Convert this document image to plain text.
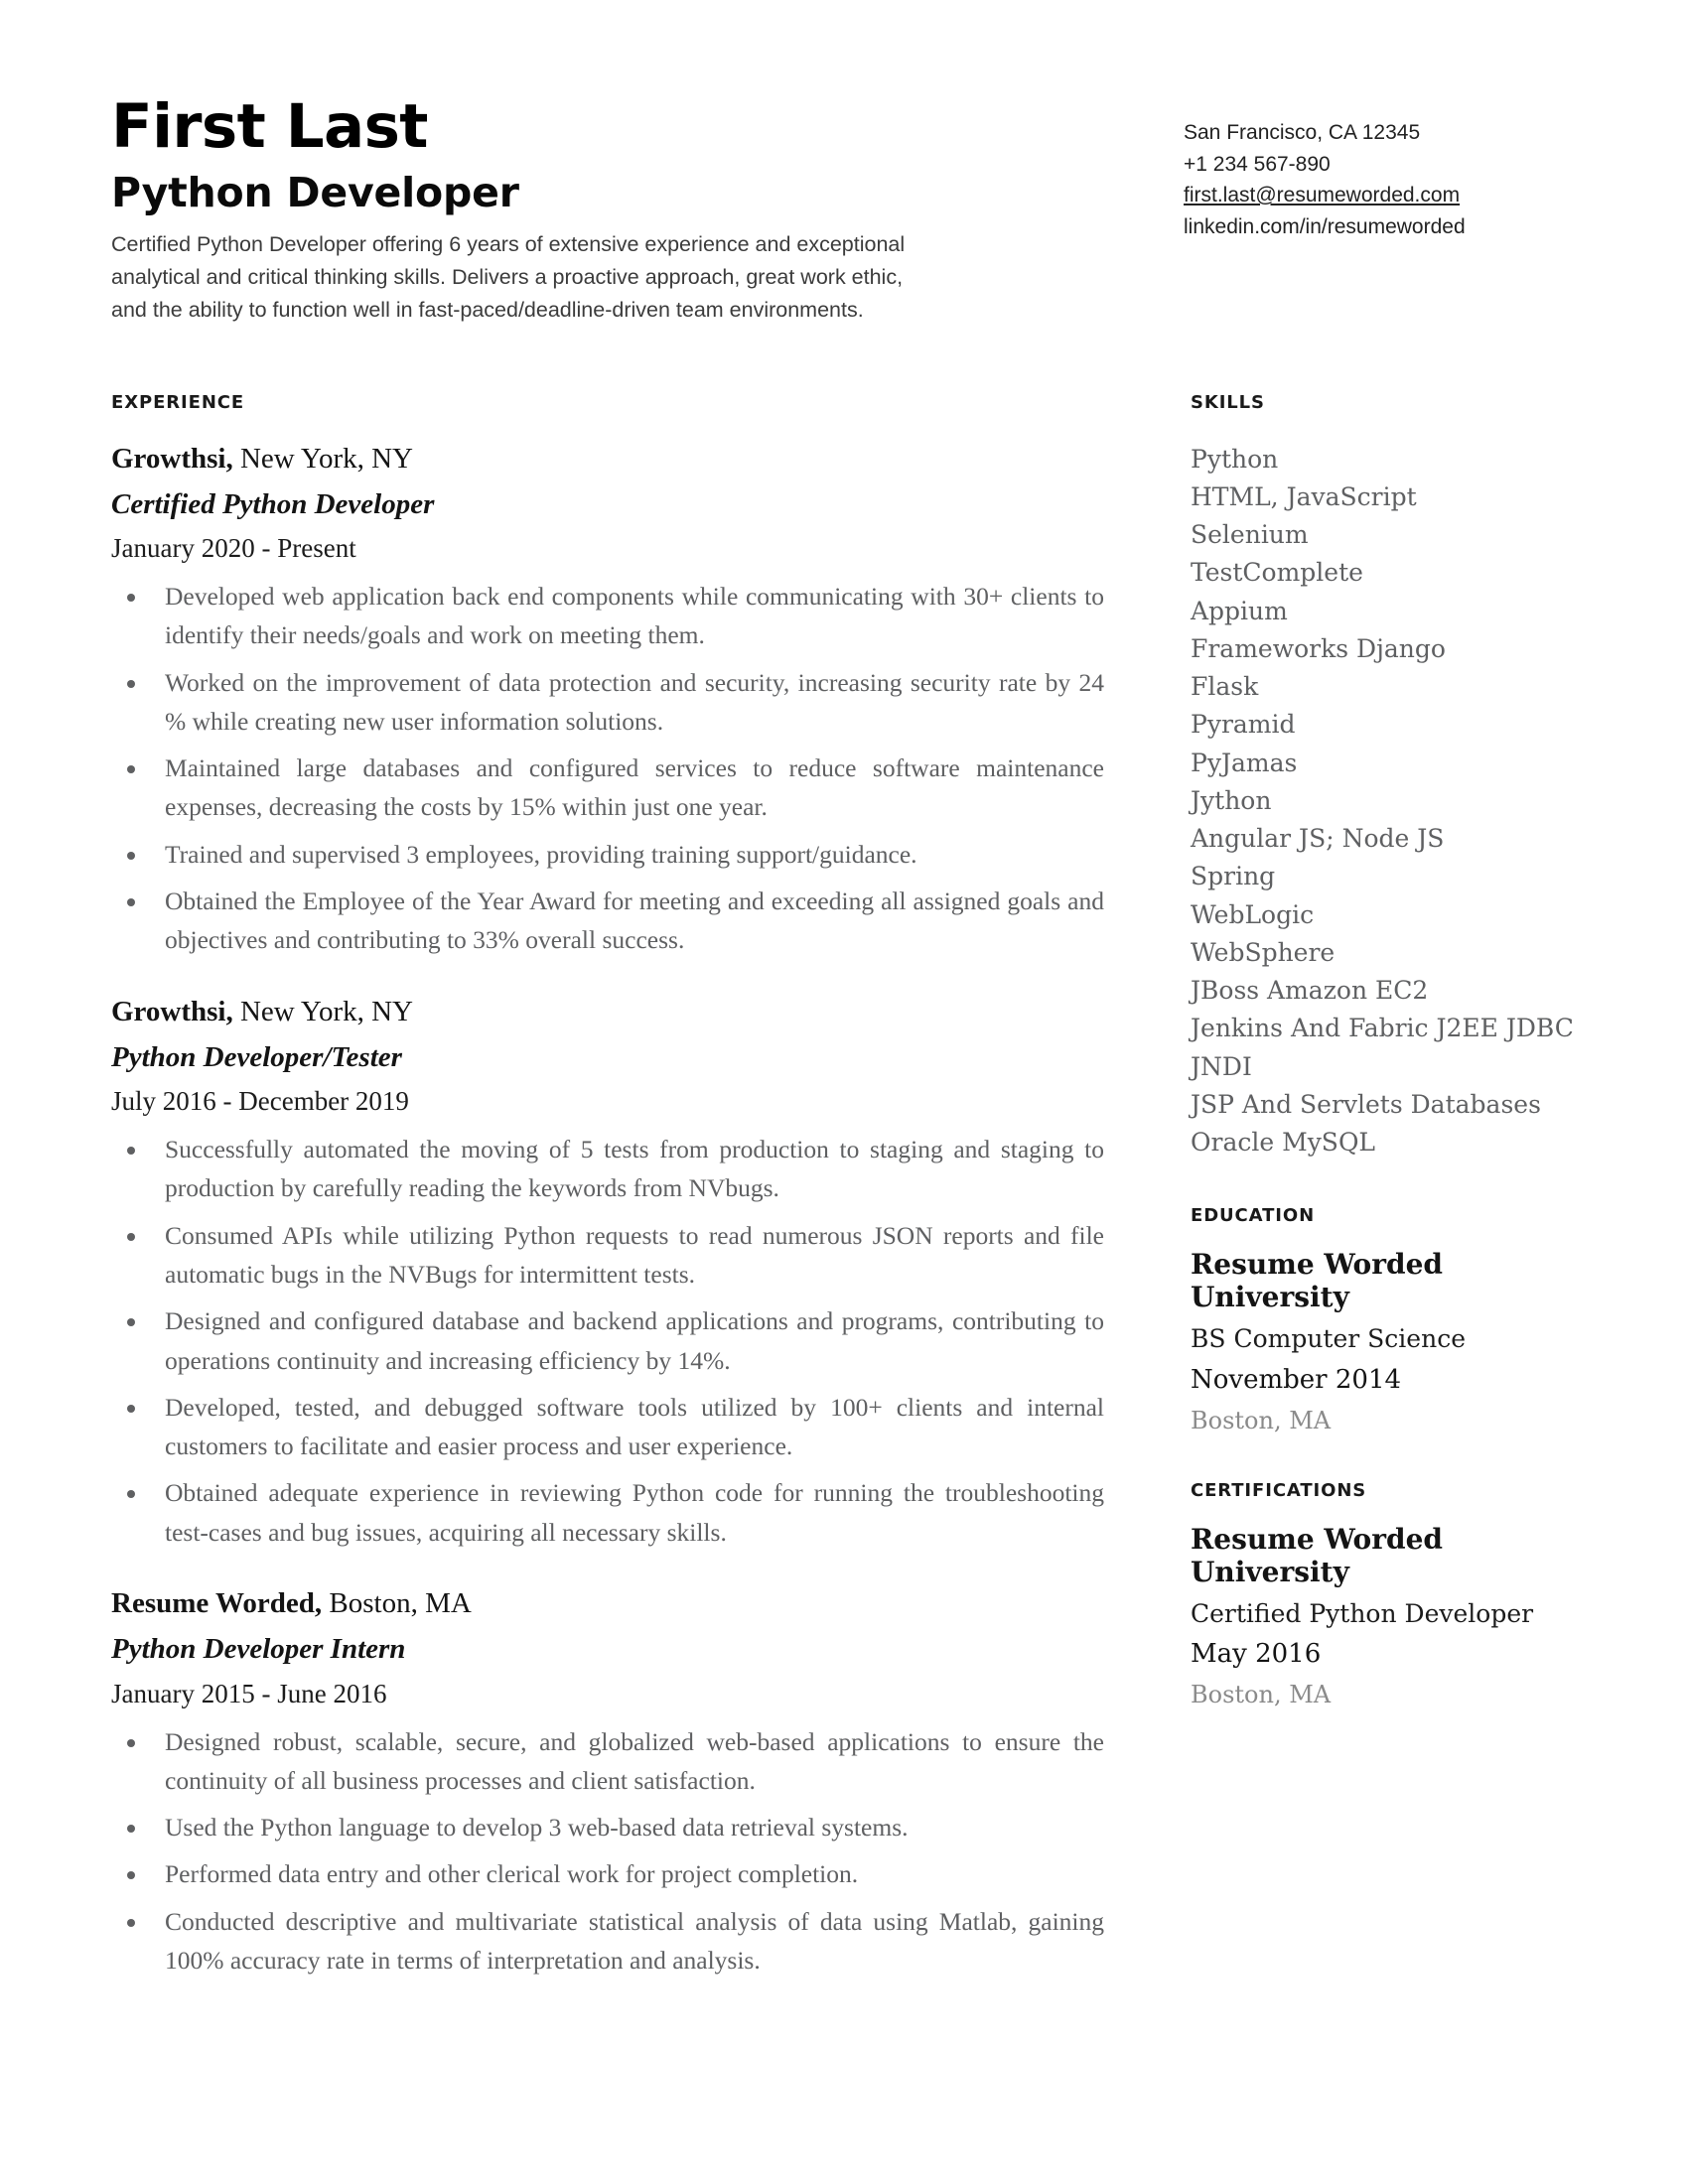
First Last
Python Developer
Certified Python Developer offering 6 years of extensive experience and exceptional
analytical and critical thinking skills. Delivers a proactive approach, great work ethic,
and the ability to function well in fast-paced/deadline-driven team environments.
San Francisco, CA 12345
+1 234 567-890
first.last@resumeworded.com
linkedin.com/in/resumeworded
EXPERIENCE
Growthsi, New York, NY
Certified Python Developer
January 2020 - Present
Developed web application back end components while communicating with 30+ clients to identify their needs/goals and work on meeting them.
Worked on the improvement of data protection and security, increasing security rate by 24 % while creating new user information solutions.
Maintained large databases and configured services to reduce software maintenance expenses, decreasing the costs by 15% within just one year.
Trained and supervised 3 employees, providing training support/guidance.
Obtained the Employee of the Year Award for meeting and exceeding all assigned goals and objectives and contributing to 33% overall success.
Growthsi, New York, NY
Python Developer/Tester
July 2016 - December 2019
Successfully automated the moving of 5 tests from production to staging and staging to production by carefully reading the keywords from NVbugs.
Consumed APIs while utilizing Python requests to read numerous JSON reports and file automatic bugs in the NVBugs for intermittent tests.
Designed and configured database and backend applications and programs, contributing to operations continuity and increasing efficiency by 14%.
Developed, tested, and debugged software tools utilized by 100+ clients and internal customers to facilitate and easier process and user experience.
Obtained adequate experience in reviewing Python code for running the troubleshooting test-cases and bug issues, acquiring all necessary skills.
Resume Worded, Boston, MA
Python Developer Intern
January 2015 - June 2016
Designed robust, scalable, secure, and globalized web-based applications to ensure the continuity of all business processes and client satisfaction.
Used the Python language to develop 3 web-based data retrieval systems.
Performed data entry and other clerical work for project completion.
Conducted descriptive and multivariate statistical analysis of data using Matlab, gaining 100% accuracy rate in terms of interpretation and analysis.
SKILLS
Python
HTML, JavaScript
Selenium
TestComplete
Appium
Frameworks Django
Flask
Pyramid
PyJamas
Jython
Angular JS; Node JS
Spring
WebLogic
WebSphere
JBoss Amazon EC2
Jenkins And Fabric J2EE JDBC
JNDI
JSP And Servlets Databases
Oracle MySQL
EDUCATION
Resume Worded University
BS Computer Science
November 2014
Boston, MA
CERTIFICATIONS
Resume Worded University
Certified Python Developer
May 2016
Boston, MA
